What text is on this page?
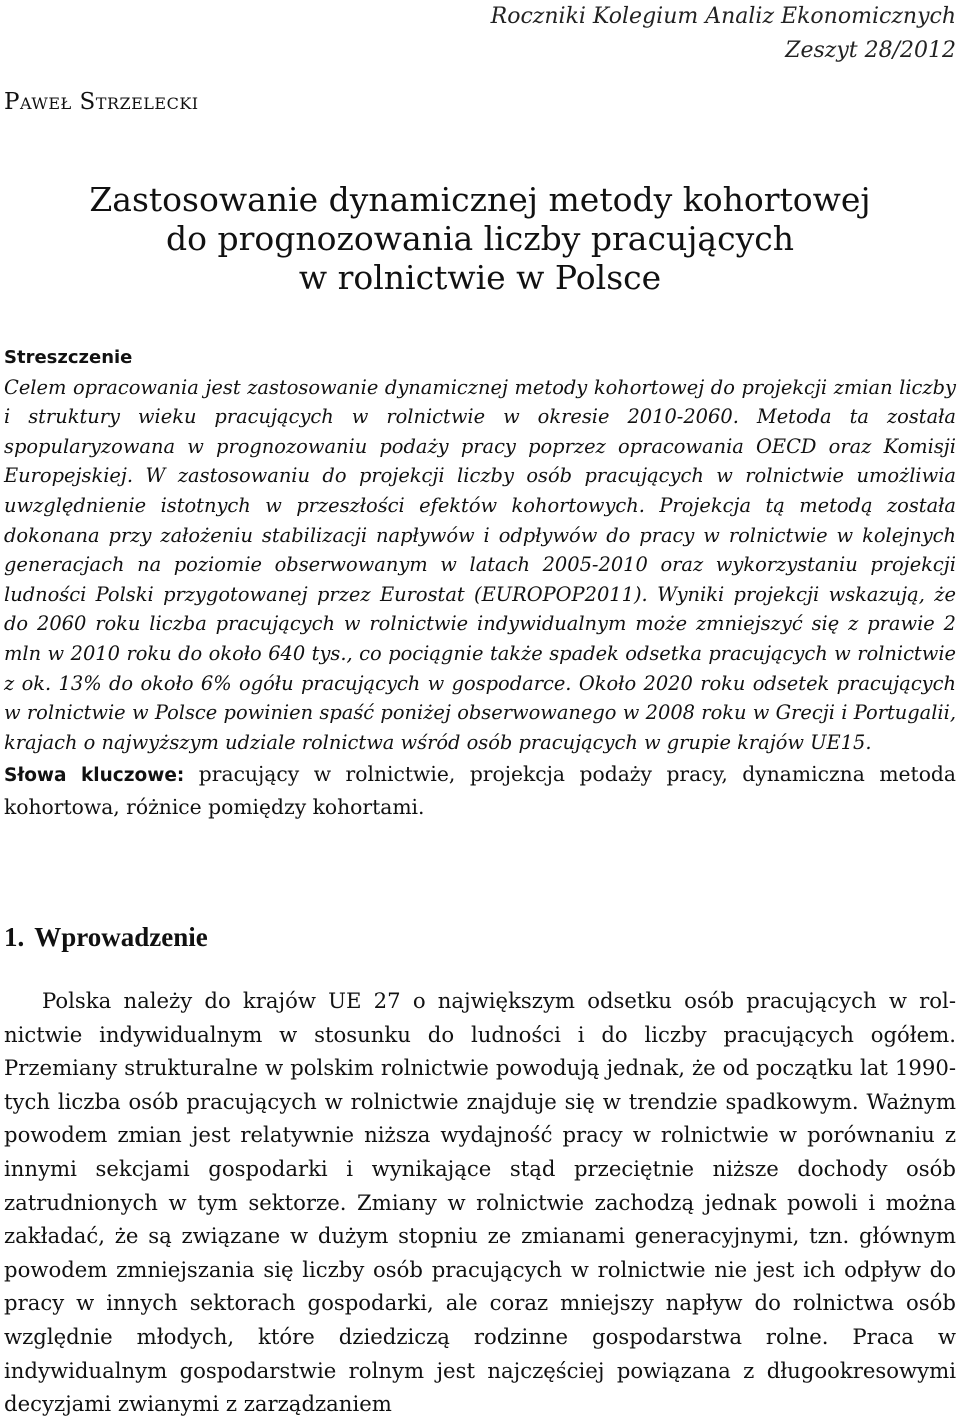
Roczniki Kolegium Analiz Ekonomicznych
Zeszyt 28/2012
Paweł Strzelecki
Zastosowanie dynamicznej metody kohortowej
do prognozowania liczby pracujących
w rolnictwie w Polsce
Streszczenie
Celem opracowania jest zastosowanie dynamicznej metody kohortowej do projekcji zmian liczby i struktury wieku pracujących w rolnictwie w okresie 2010-2060. Metoda ta została spopularyzowana w prognozowaniu podaży pracy poprzez opracowania OECD oraz Komisji Europejskiej. W zastosowaniu do projekcji liczby osób pracujących w rolnictwie umożliwia uwzględnienie istotnych w przeszłości efektów kohortowych. Projekcja tą metodą została dokonana przy założeniu stabilizacji napływów i odpływów do pracy w rolnictwie w kolejnych generacjach na poziomie obserwowanym w latach 2005-2010 oraz wykorzystaniu projekcji ludności Polski przygotowanej przez Eurostat (EUROPOP2011). Wyniki projekcji wskazują, że do 2060 roku liczba pracujących w rolnictwie indywidualnym może zmniejszyć się z prawie 2 mln w 2010 roku do około 640 tys., co pociągnie także spadek odsetka pracujących w rolnictwie z ok. 13% do około 6% ogółu pracujących w gospodarce. Około 2020 roku odsetek pracujących w rolnictwie w Polsce powinien spaść poniżej obserwowanego w 2008 roku w Grecji i Portugalii, krajach o najwyższym udziale rolnictwa wśród osób pracujących w grupie krajów UE15.
Słowa kluczowe: pracujący w rolnictwie, projekcja podaży pracy, dynamiczna metoda kohortowa, różnice pomiędzy kohortami.
1. Wprowadzenie
Polska należy do krajów UE 27 o największym odsetku osób pracujących w rolnictwie indywidualnym w stosunku do ludności i do liczby pracujących ogółem. Przemiany strukturalne w polskim rolnictwie powodują jednak, że od początku lat 1990-tych liczba osób pracujących w rolnictwie znajduje się w trendzie spadkowym. Ważnym powodem zmian jest relatywnie niższa wydajność pracy w rolnictwie w porównaniu z innymi sekcjami gospodarki i wynikające stąd przeciętnie niższe dochody osób zatrudnionych w tym sektorze. Zmiany w rolnictwie zachodzą jednak powoli i można zakładać, że są związane w dużym stopniu ze zmianami generacyjnymi, tzn. głównym powodem zmniejszania się liczby osób pracujących w rolnictwie nie jest ich odpływ do pracy w innych sektorach gospodarki, ale coraz mniejszy napływ do rolnictwa osób względnie młodych, które dziedziczą rodzinne gospodarstwa rolne. Praca w indywidualnym gospodarstwie rolnym jest najczęściej powiązana z długookresowymi decyzjami zwianymi z zarządzaniem
